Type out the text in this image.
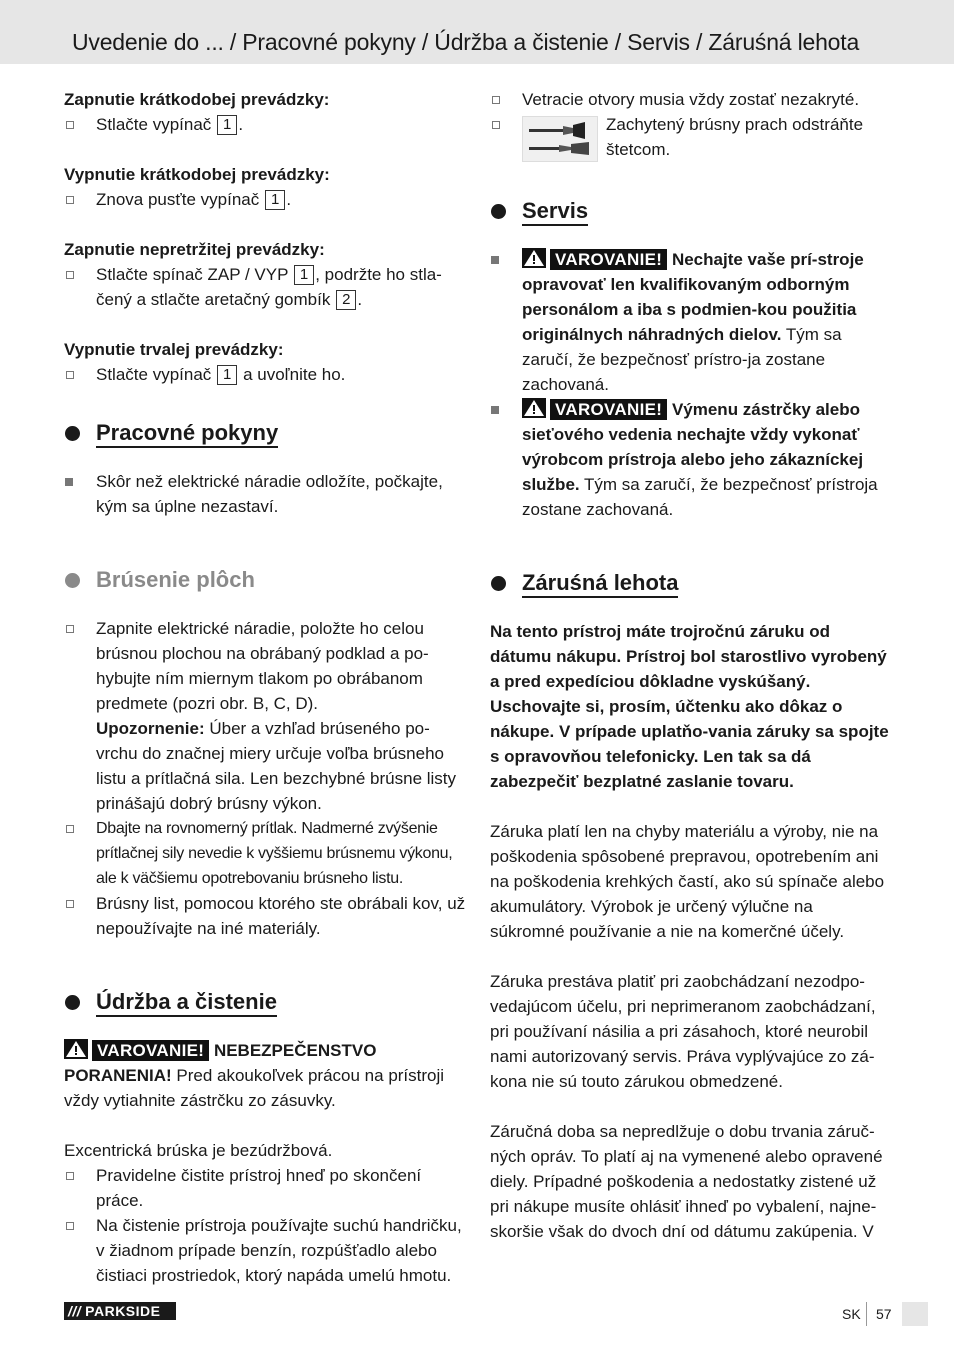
Uvedenie do ... / Pracovné pokyny / Údržba a čistenie / Servis / Záruśná lehota

Zapnutie krátkodobej prevádzky:

Stlačte vypínač 1 .

Vypnutie krátkodobej prevádzky:

Znova pusťte vypínač 1 .

Zapnutie nepretržitej prevádzky:

Stlačte spínač ZAP / VYP 1 , podržte ho stla-čený a stlačte aretačný gombík 2 .

Vypnutie trvalej prevádzky:

Stlačte vypínač 1 a uvoľnite ho.

Pracovné pokyny

Skôr než elektrické náradie odložíte, počkajte, kým sa úplne nezastaví.

Brúsenie plôch
Zapnite elektrické náradie, položte ho celou brúsnou plochou na obrábaný podklad a po-hybujte ním miernym tlakom po obrábanom predmete (pozri obr. B, C, D).
Upozornenie: Úber a vzhľad brúseného po-vrchu do značnej miery určuje voľba brúsneho listu a prítlačná sila. Len bezchybné brúsne listy prinášajú dobrý brúsny výkon.

Dbajte na rovnomerný prítlak. Nadmerné zvýšenie prítlačnej sily nevedie k vyššiemu brúsnemu výkonu, ale k väčšiemu opotrebovaniu brúsneho listu.

Brúsny list, pomocou ktorého ste obrábali kov, už nepoužívajte na iné materiály.

Údržba a čistenie

VAROVANIE! NEBEZPEČENSTVO PORANENIA! Pred akoukoľvek prácou na prístroji vždy vytiahnite zástrčku zo zásuvky.

Excentrická brúska je bezúdržbová.

Pravidelne čistite prístroj hneď po skončení práce.

Na čistenie prístroja používajte suchú handričku, v žiadnom prípade benzín, rozpúšťadlo alebo čistiaci prostriedok, ktorý napáda umelú hmotu.

Vetracie otvory musia vždy zostať nezakryté.

Zachytený brúsny prach odstráňte štetcom.
Servis

VAROVANIE! Nechajte vaše prí-stroje opravovať len kvalifikovaným odborným personálom a iba s podmien-kou použitia originálnych náhradných dielov. Tým sa zaručí, že bezpečnosť prístro-ja zostane zachovaná.

VAROVANIE! Výmenu zástrčky alebo sieťového vedenia nechajte vždy vykonať výrobcom prístroja alebo jeho zákazníckej službe. Tým sa zaručí, že bezpečnosť prístroja zostane zachovaná.

Záruśná lehota

Na tento prístroj máte trojročnú záruku od dátumu nákupu. Prístroj bol starostlivo vyrobený a pred expedíciou dôkladne vyskúšaný. Uschovajte si, prosím, účtenku ako dôkaz o nákupe. V prípade uplatňo-vania záruky sa spojte s opravovňou telefonicky. Len tak sa dá zabezpečiť bezplatné zaslanie tovaru.

Záruka platí len na chyby materiálu a výroby, nie na poškodenia spôsobené prepravou, opotrebením ani na poškodenia krehkých častí, ako sú spínače alebo akumulátory. Výrobok je určený výlučne na súkromné používanie a nie na komerčné účely.

Záruka prestáva platiť pri zaobchádzaní nezodpo-vedajúcom účelu, pri neprimeranom zaobchádzaní, pri používaní násilia a pri zásahoch, ktoré neurobil nami autorizovaný servis. Práva vyplývajúce zo zá-kona nie sú touto zárukou obmedzené.

Záručná doba sa nepredlžuje o dobu trvania záruč-ných opráv. To platí aj na vymenené alebo opravené diely. Prípadné poškodenia a nedostatky zistené už pri nákupe musíte ohlásiť ihneď po vybalení, najne-skoršie však do dvoch dní od dátumu zakúpenia. V

/// PARKSIDE	SK 57
